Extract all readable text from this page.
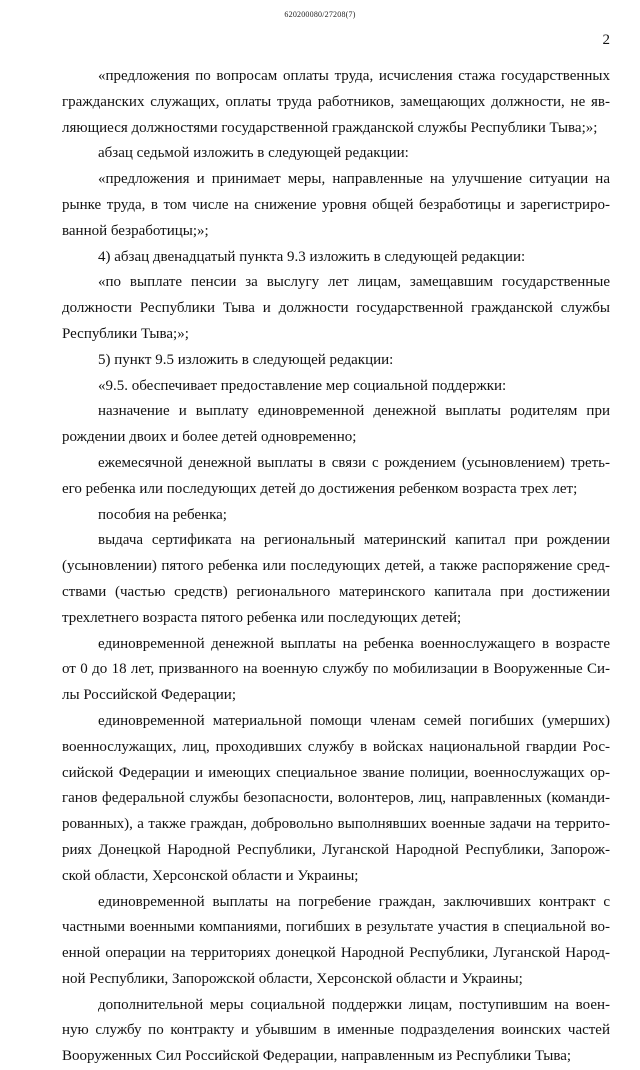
620200080/27208(7)
2
«предложения по вопросам оплаты труда, исчисления стажа государственных
гражданских служащих, оплаты труда работников, замещающих должности, не яв-
ляющиеся должностями государственной гражданской службы Республики Тыва;»;
абзац седьмой изложить в следующей редакции:
«предложения и принимает меры, направленные на улучшение ситуации на
рынке труда, в том числе на снижение уровня общей безработицы и зарегистриро-
ванной безработицы;»;
4) абзац двенадцатый пункта 9.3 изложить в следующей редакции:
«по выплате пенсии за выслугу лет лицам, замещавшим государственные
должности Республики Тыва и должности государственной гражданской службы
Республики Тыва;»;
5) пункт 9.5 изложить в следующей редакции:
«9.5. обеспечивает предоставление мер социальной поддержки:
назначение и выплату единовременной денежной выплаты родителям при
рождении двоих и более детей одновременно;
ежемесячной денежной выплаты в связи с рождением (усыновлением) треть-
его ребенка или последующих детей до достижения ребенком возраста трех лет;
пособия на ребенка;
выдача сертификата на региональный материнский капитал при рождении
(усыновлении) пятого ребенка или последующих детей, а также распоряжение сред-
ствами (частью средств) регионального материнского капитала при достижении
трехлетнего возраста пятого ребенка или последующих детей;
единовременной денежной выплаты на ребенка военнослужащего в возрасте
от 0 до 18 лет, призванного на военную службу по мобилизации в Вооруженные Си-
лы Российской Федерации;
единовременной материальной помощи членам семей погибших (умерших)
военнослужащих, лиц, проходивших службу в войсках национальной гвардии Рос-
сийской Федерации и имеющих специальное звание полиции, военнослужащих ор-
ганов федеральной службы безопасности, волонтеров, лиц, направленных (команди-
рованных), а также граждан, добровольно выполнявших военные задачи на террито-
риях Донецкой Народной Республики, Луганской Народной Республики, Запорож-
ской области, Херсонской области и Украины;
единовременной выплаты на погребение граждан, заключивших контракт с
частными военными компаниями, погибших в результате участия в специальной во-
енной операции на территориях донецкой Народной Республики, Луганской Народ-
ной Республики, Запорожской области, Херсонской области и Украины;
дополнительной меры социальной поддержки лицам, поступившим на воен-
ную службу по контракту и убывшим в именные подразделения воинских частей
Вооруженных Сил Российской Федерации, направленным из Республики Тыва;
